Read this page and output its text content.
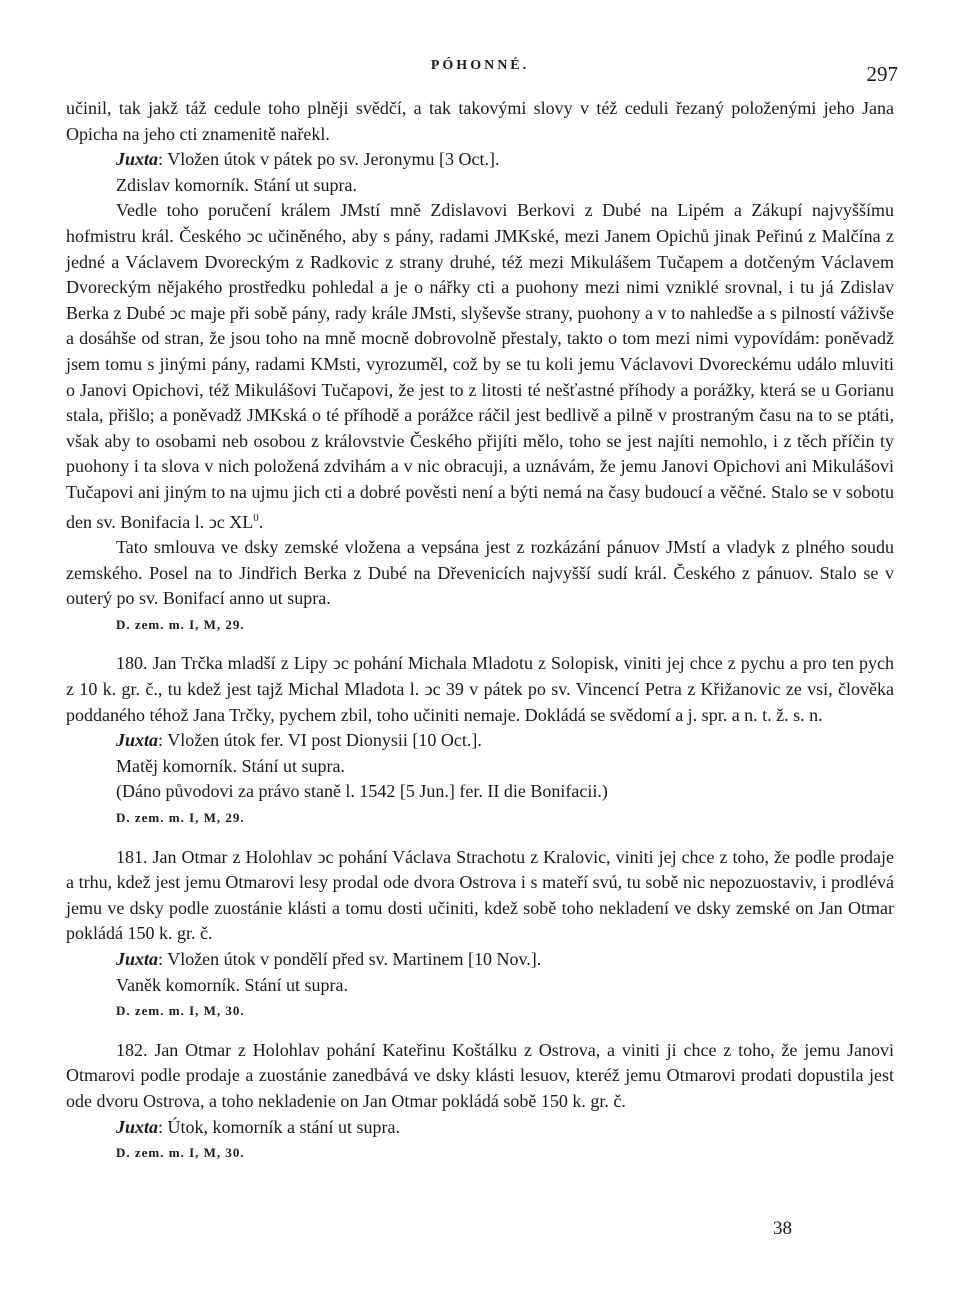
PÓHONNÉ.	297

učinil, tak jakž táž cedule toho plněji svědčí, a tak takovými slovy v též ceduli řezaný položenými jeho Jana Opicha na jeho cti znamenitě nařekl.

Juxta: Vložen útok v pátek po sv. Jeronymu [3 Oct.].

Zdislav komorník. Stání ut supra.

Vedle toho poručení králem JMstí mně Zdislavovi Berkovi z Dubé na Lipém a Zákupí najvyššímu hofmistru král. Českého ↄc učiněného, aby s pány, radami JMKské, mezi Janem Opichů jinak Peřinú z Malčína z jedné a Václavem Dvoreckým z Radkovic z strany druhé, též mezi Mikulášem Tučapem a dotčeným Václavem Dvoreckým nějakého prostředku pohledal a je o nářky cti a puohony mezi nimi vzniklé srovnal, i tu já Zdislav Berka z Dubé ↄc maje při sobě pány, rady krále JMsti, slyševše strany, puohony a v to nahledše a s pilností váživše a dosáhše od stran, že jsou toho na mně mocně dobrovolně přestaly, takto o tom mezi nimi vypovídám: poněvadž jsem tomu s jinými pány, radami KMsti, vyrozuměl, což by se tu koli jemu Václavovi Dvoreckému událo mluviti o Janovi Opichovi, též Mikulášovi Tučapovi, že jest to z litosti té nešťastné příhody a porážky, která se u Gorianu stala, přišlo; a poněvadž JMKská o té příhodě a porážce ráčil jest bedlivě a pilně v prostraným času na to se ptáti, však aby to osobami neb osobou z královstvie Českého přijíti mělo, toho se jest najíti nemohlo, i z těch příčin ty puohony i ta slova v nich položená zdvihám a v nic obracuji, a uznávám, že jemu Janovi Opichovi ani Mikulášovi Tučapovi ani jiným to na ujmu jich cti a dobré pověsti není a býti nemá na časy budoucí a věčné. Stalo se v sobotu den sv. Bonifacia l. ↄc $XL^0$.

Tato smlouva ve dsky zemské vložena a vepsána jest z rozkázání pánuov JMstí a vladyk z plného soudu zemského. Posel na to Jindřich Berka z Dubé na Dřevenicích najvyšší sudí král. Českého z pánuov. Stalo se v outerý po sv. Bonifací anno ut supra.

D. zem. m. I, M, 29.

180. Jan Trčka mladší z Lipy ↄc pohání Michala Mladotu z Solopisk, viniti jej chce z pychu a pro ten pych z 10 k. gr. č., tu kdež jest tajž Michal Mladota l. ↄc 39 v pátek po sv. Vincencí Petra z Křižanovic ze vsi, člověka poddaného téhož Jana Trčky, pychem zbil, toho učiniti nemaje. Dokládá se svědomí a j. spr. a n. t. ž. s. n.

Juxta: Vložen útok fer. VI post Dionysii [10 Oct.].

Matěj komorník. Stání ut supra.

(Dáno původovi za právo staně l. 1542 [5 Jun.] fer. II die Bonifacii.)

D. zem. m. I, M, 29.

181. Jan Otmar z Holohlav ↄc pohání Václava Strachotu z Kralovic, viniti jej chce z toho, že podle prodaje a trhu, kdež jest jemu Otmarovi lesy prodal ode dvora Ostrova i s mateří svú, tu sobě nic nepozuostaviv, i prodlévá jemu ve dsky podle zuostánie klásti a tomu dosti učiniti, kdež sobě toho nekladení ve dsky zemské on Jan Otmar pokládá 150 k. gr. č.

Juxta: Vložen útok v pondělí před sv. Martinem [10 Nov.].

Vaněk komorník. Stání ut supra.

D. zem. m. I, M, 30.

182. Jan Otmar z Holohlav pohání Kateřinu Koštálku z Ostrova, a viniti ji chce z toho, že jemu Janovi Otmarovi podle prodaje a zuostánie zanedbává ve dsky klásti lesuov, kteréž jemu Otmarovi prodati dopustila jest ode dvoru Ostrova, a toho nekladenie on Jan Otmar pokládá sobě 150 k. gr. č.

Juxta: Útok, komorník a stání ut supra.

D. zem. m. I, M, 30.

38
